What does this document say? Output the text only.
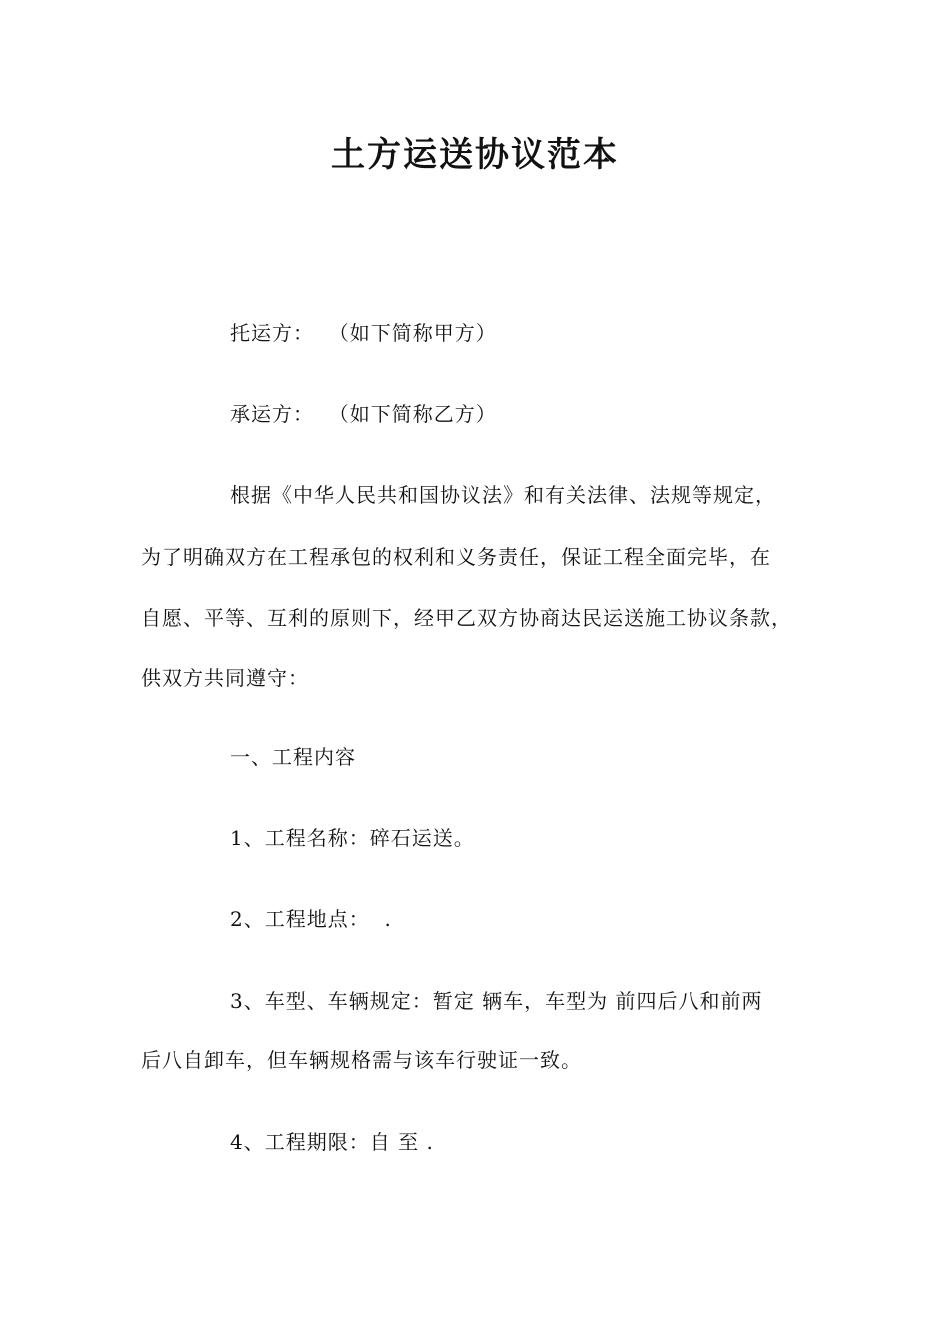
土方运送协议范本
托运方：  （如下简称甲方）
承运方：  （如下简称乙方）
根据《中华人民共和国协议法》和有关法律、法规等规定，
为了明确双方在工程承包的权利和义务责任，保证工程全面完毕，在
自愿、平等、互利的原则下，经甲乙双方协商达民运送施工协议条款，
供双方共同遵守：
一、工程内容
1、工程名称：碎石运送。
2、工程地点：  .
3、车型、车辆规定：暂定 辆车，车型为 前四后八和前两
后八自卸车，但车辆规格需与该车行驶证一致。
4、工程期限：自 至 .
